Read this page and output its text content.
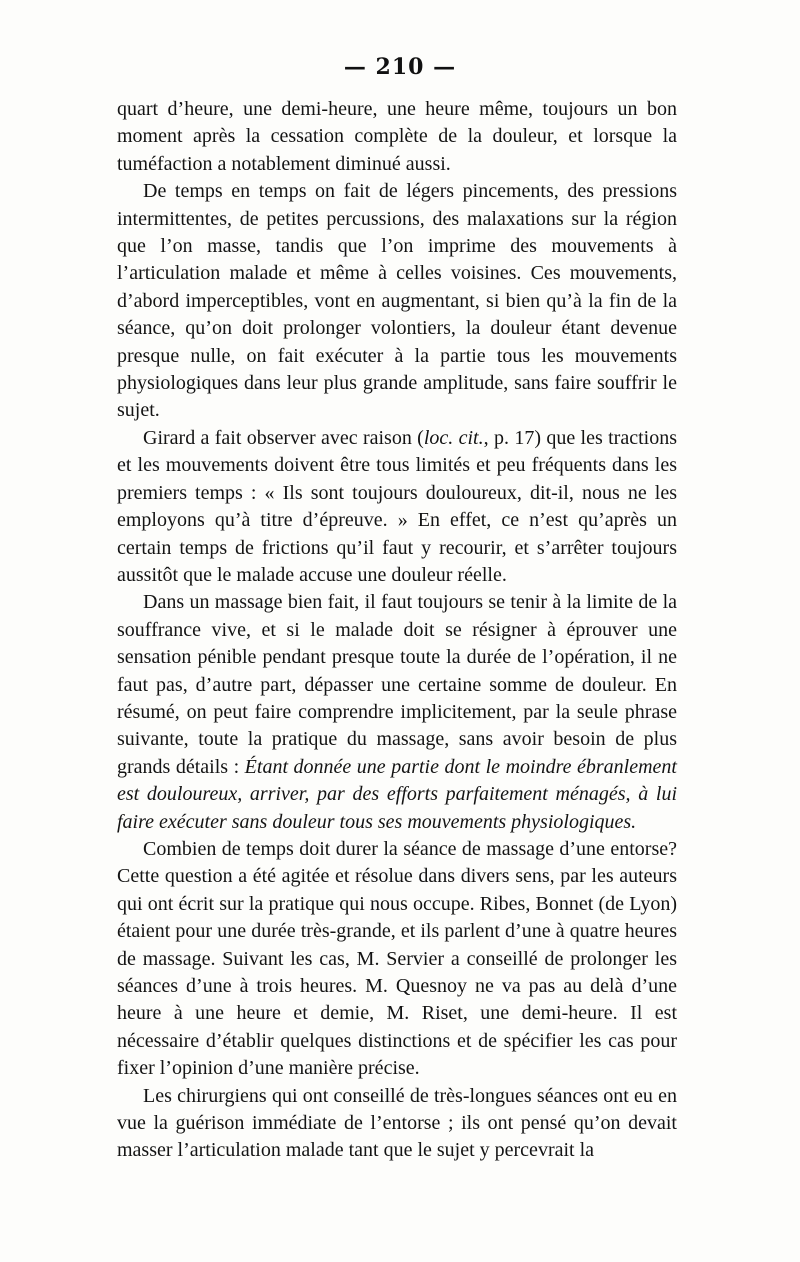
— 210 —

quart d’heure, une demi-heure, une heure même, toujours un bon moment après la cessation complète de la douleur, et lorsque la tuméfaction a notablement diminué aussi.

De temps en temps on fait de légers pincements, des pressions intermittentes, de petites percussions, des malaxations sur la région que l’on masse, tandis que l’on imprime des mouvements à l’articulation malade et même à celles voisines. Ces mouvements, d’abord imperceptibles, vont en augmentant, si bien qu’à la fin de la séance, qu’on doit prolonger volontiers, la douleur étant devenue presque nulle, on fait exécuter à la partie tous les mouvements physiologiques dans leur plus grande amplitude, sans faire souffrir le sujet.

Girard a fait observer avec raison (loc. cit., p. 17) que les tractions et les mouvements doivent être tous limités et peu fréquents dans les premiers temps : « Ils sont toujours douloureux, dit-il, nous ne les employons qu’à titre d’épreuve. » En effet, ce n’est qu’après un certain temps de frictions qu’il faut y recourir, et s’arrêter toujours aussitôt que le malade accuse une douleur réelle.

Dans un massage bien fait, il faut toujours se tenir à la limite de la souffrance vive, et si le malade doit se résigner à éprouver une sensation pénible pendant presque toute la durée de l’opération, il ne faut pas, d’autre part, dépasser une certaine somme de douleur. En résumé, on peut faire comprendre implicitement, par la seule phrase suivante, toute la pratique du massage, sans avoir besoin de plus grands détails : Étant donnée une partie dont le moindre ébranlement est douloureux, arriver, par des efforts parfaitement ménagés, à lui faire exécuter sans douleur tous ses mouvements physiologiques.

Combien de temps doit durer la séance de massage d’une entorse? Cette question a été agitée et résolue dans divers sens, par les auteurs qui ont écrit sur la pratique qui nous occupe. Ribes, Bonnet (de Lyon) étaient pour une durée très-grande, et ils parlent d’une à quatre heures de massage. Suivant les cas, M. Servier a conseillé de prolonger les séances d’une à trois heures. M. Quesnoy ne va pas au delà d’une heure à une heure et demie, M. Riset, une demi-heure. Il est nécessaire d’établir quelques distinctions et de spécifier les cas pour fixer l’opinion d’une manière précise.

Les chirurgiens qui ont conseillé de très-longues séances ont eu en vue la guérison immédiate de l’entorse ; ils ont pensé qu’on devait masser l’articulation malade tant que le sujet y percevrait la
